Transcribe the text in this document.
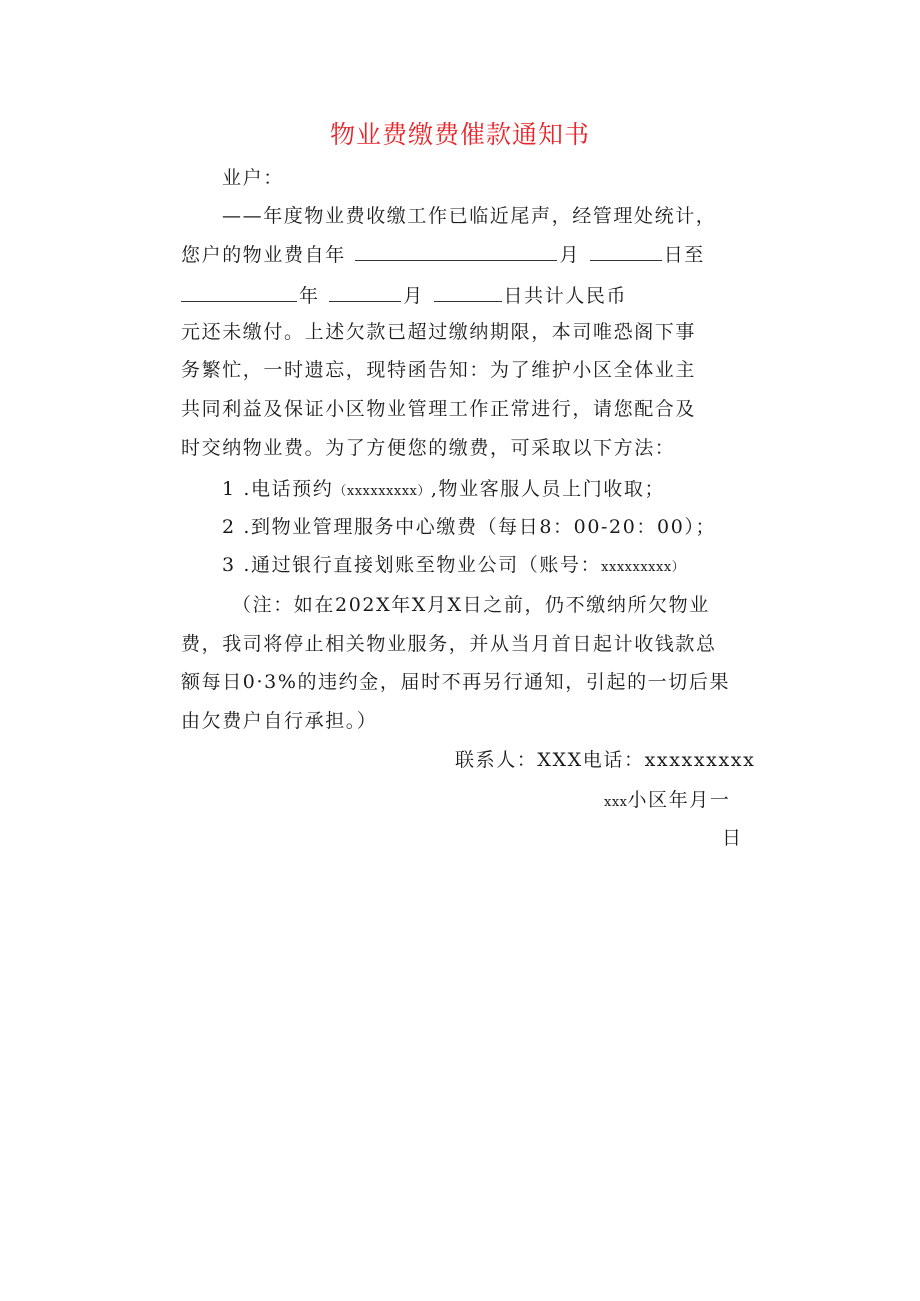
物业费缴费催款通知书
业户：
——年度物业费收缴工作已临近尾声，经管理处统计，
您户的物业费自年	月	日至
年	月	日共计人民币
元还未缴付。上述欠款已超过缴纳期限，本司唯恐阁下事
务繁忙，一时遗忘，现特函告知：为了维护小区全体业主
共同利益及保证小区物业管理工作正常进行，请您配合及
时交纳物业费。为了方便您的缴费，可采取以下方法：
1 .电话预约（xxxxxxxxx）,物业客服人员上门收取；
2 .到物业管理服务中心缴费（每日8：00-20：00）；
3 .通过银行直接划账至物业公司（账号：xxxxxxxxx）
（注：如在202X年X月X日之前，仍不缴纳所欠物业
费，我司将停止相关物业服务，并从当月首日起计收钱款总
额每日0·3%的违约金，届时不再另行通知，引起的一切后果
由欠费户自行承担。）
联系人：XXX电话：xxxxxxxxx
xxx小区年月一
日
